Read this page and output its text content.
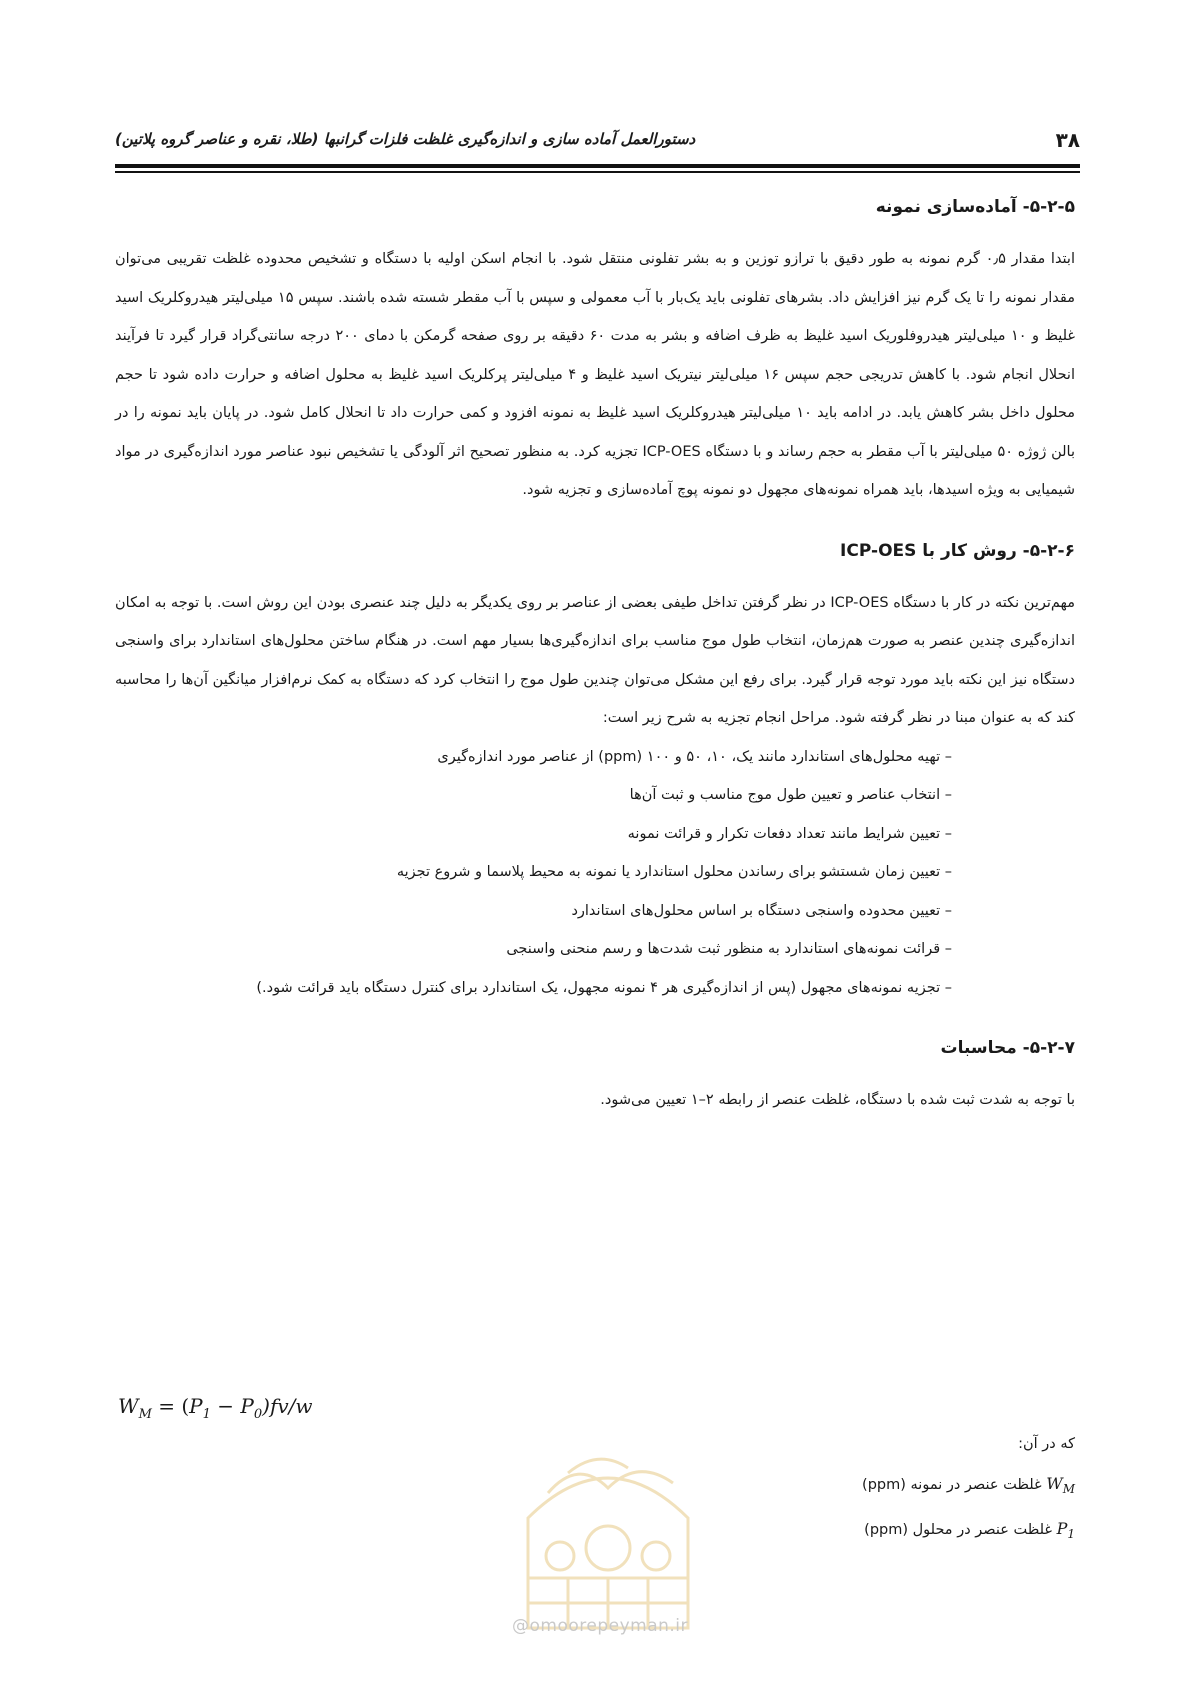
۳۸
دستورالعمل آماده سازی و اندازه‌گیری غلظت فلزات گرانبها (طلا، نقره و عناصر گروه پلاتین)
۵-۲-۵- آماده‌سازی نمونه

ابتدا مقدار ۰٫۵ گرم نمونه به طور دقیق با ترازو توزین و به بشر تفلونی منتقل شود. با انجام اسکن اولیه با دستگاه و تشخیص محدوده غلظت تقریبی می‌توان مقدار نمونه را تا یک گرم نیز افزایش داد. بشرهای تفلونی باید یک‌بار با آب معمولی و سپس با آب مقطر شسته شده باشند. سپس ۱۵ میلی‌لیتر هیدروکلریک اسید غلیظ و ۱۰ میلی‌لیتر هیدروفلوریک اسید غلیظ به ظرف اضافه و بشر به مدت ۶۰ دقیقه بر روی صفحه گرمکن با دمای ۲۰۰ درجه سانتی‌گراد قرار گیرد تا فرآیند انحلال انجام شود. با کاهش تدریجی حجم سپس ۱۶ میلی‌لیتر نیتریک اسید غلیظ و ۴ میلی‌لیتر پرکلریک اسید غلیظ به محلول اضافه و حرارت داده شود تا حجم محلول داخل بشر کاهش یابد. در ادامه باید ۱۰ میلی‌لیتر هیدروکلریک اسید غلیظ به نمونه افزود و کمی حرارت داد تا انحلال کامل شود. در پایان باید نمونه را در بالن ژوژه ۵۰ میلی‌لیتر با آب مقطر به حجم رساند و با دستگاه ICP-OES تجزیه کرد. به منظور تصحیح اثر آلودگی یا تشخیص نبود عناصر مورد اندازه‌گیری در مواد شیمیایی به ویژه اسیدها، باید همراه نمونه‌های مجهول دو نمونه پوچ آماده‌سازی و تجزیه شود.

۵-۲-۶- روش کار با ICP-OES

مهم‌ترین نکته در کار با دستگاه ICP-OES در نظر گرفتن تداخل طیفی بعضی از عناصر بر روی یکدیگر به دلیل چند عنصری بودن این روش است. با توجه به امکان اندازه‌گیری چندین عنصر به صورت هم‌زمان، انتخاب طول موج مناسب برای اندازه‌گیری‌ها بسیار مهم است. در هنگام ساختن محلول‌های استاندارد برای واسنجی دستگاه نیز این نکته باید مورد توجه قرار گیرد. برای رفع این مشکل می‌توان چندین طول موج را انتخاب کرد که دستگاه به کمک نرم‌افزار میانگین آن‌ها را محاسبه کند که به عنوان مبنا در نظر گرفته شود. مراحل انجام تجزیه به شرح زیر است:

– تهیه محلول‌های استاندارد مانند یک، ۱۰، ۵۰ و ۱۰۰ (ppm) از عناصر مورد اندازه‌گیری
– انتخاب عناصر و تعیین طول موج مناسب و ثبت آن‌ها
– تعیین شرایط مانند تعداد دفعات تکرار و قرائت نمونه
– تعیین زمان شستشو برای رساندن محلول استاندارد یا نمونه به محیط پلاسما و شروع تجزیه
– تعیین محدوده واسنجی دستگاه بر اساس محلول‌های استاندارد
– قرائت نمونه‌های استاندارد به منظور ثبت شدت‌ها و رسم منحنی واسنجی
– تجزیه نمونه‌های مجهول (پس از اندازه‌گیری هر ۴ نمونه مجهول، یک استاندارد برای کنترل دستگاه باید قرائت شود.)
۵-۲-۷- محاسبات

با توجه به شدت ثبت شده با دستگاه، غلظت عنصر از رابطه ۲–۱ تعیین می‌شود.

$W_M = (P_1 - P_0)fv/w$
که در آن:
$W_M$ غلظت عنصر در نمونه (ppm)
$P_1$ غلظت عنصر در محلول (ppm)
@omoorepeyman.ir
